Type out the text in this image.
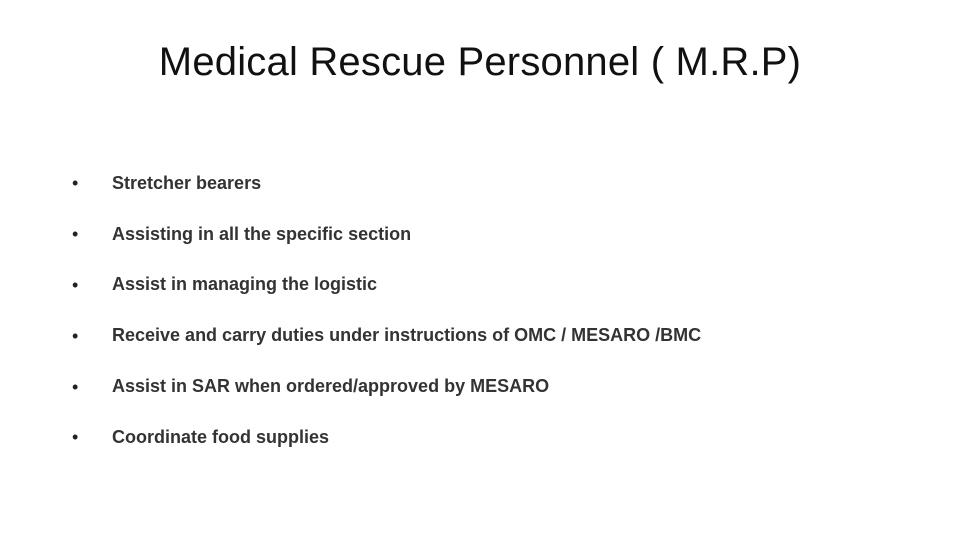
Medical Rescue Personnel ( M.R.P)
•	Stretcher bearers
•	Assisting in all the specific section
•	Assist in managing the logistic
•	Receive and carry duties under instructions of OMC / MESARO /BMC
•	Assist in SAR when ordered/approved by MESARO
•	Coordinate food supplies
